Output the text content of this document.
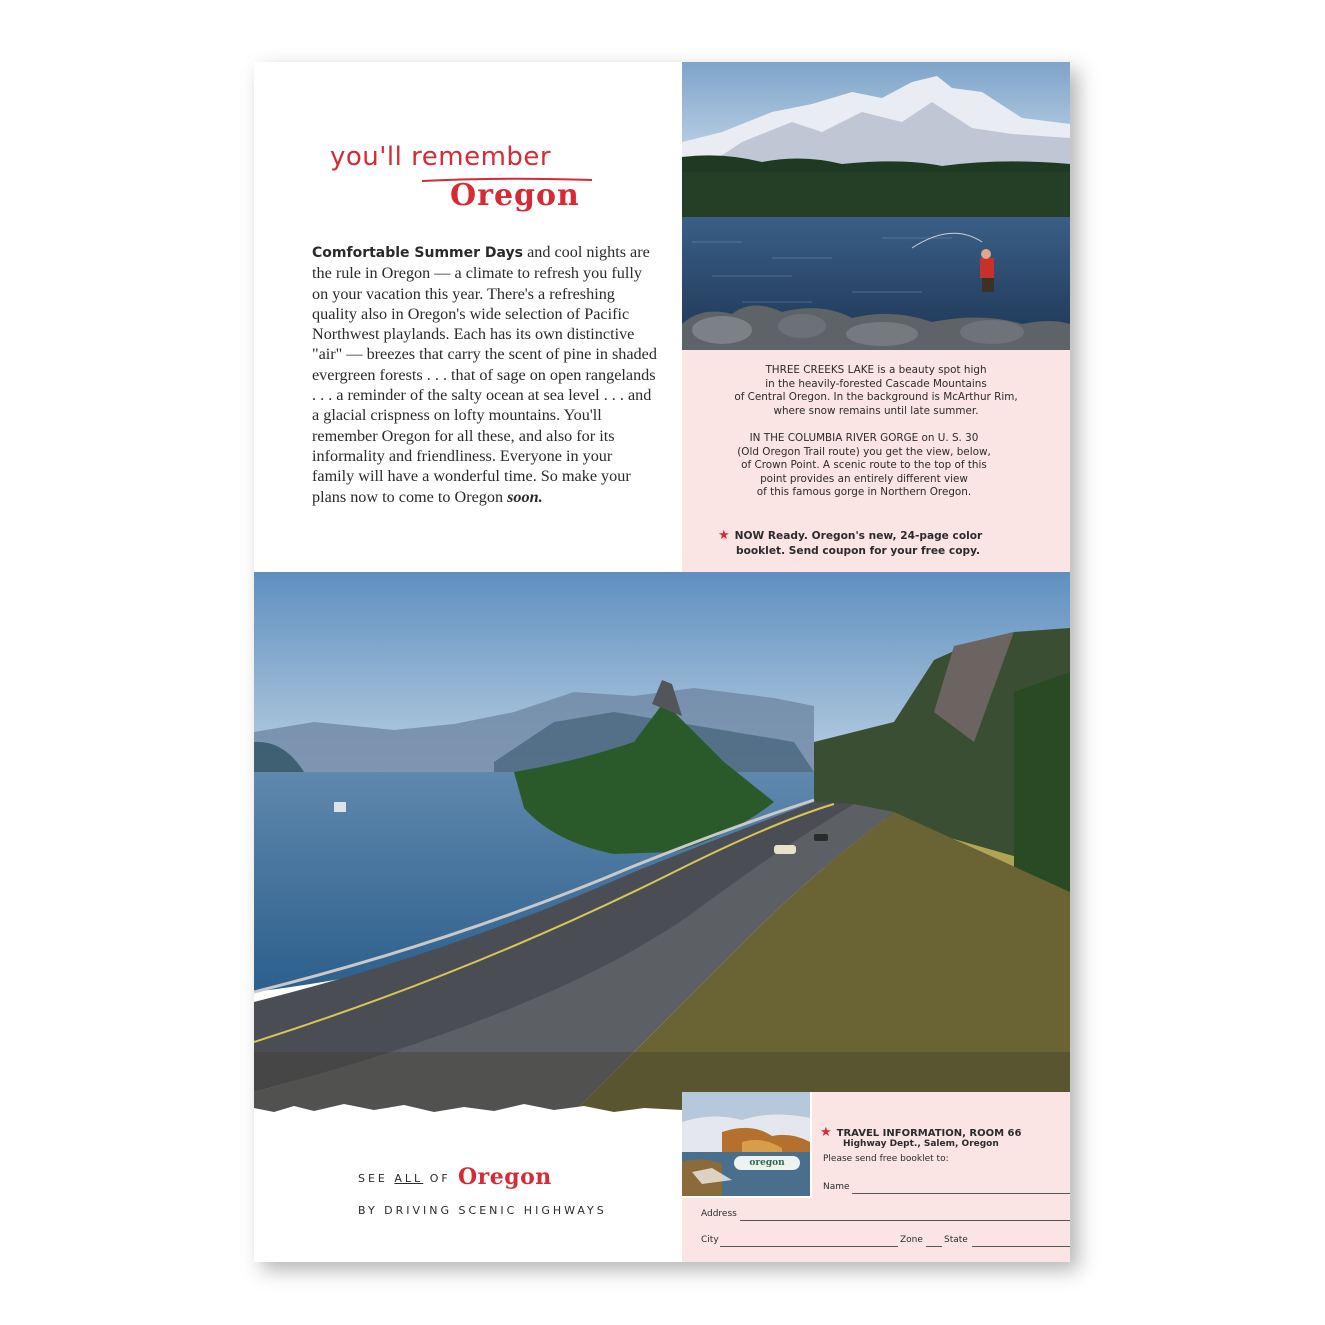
you'll remember
Oregon

Comfortable Summer Days and cool nights are the rule in Oregon — a climate to refresh you fully on your vacation this year. There's a refreshing quality also in Oregon's wide selection of Pacific Northwest playlands. Each has its own distinctive "air" — breezes that carry the scent of pine in shaded evergreen forests . . . that of sage on open rangelands . . . a reminder of the salty ocean at sea level . . . and a glacial crispness on lofty mountains. You'll remember Oregon for all these, and also for its informality and friendliness. Everyone in your family will have a wonderful time. So make your plans now to come to Oregon soon.

THREE CREEKS LAKE is a beauty spot high
in the heavily-forested Cascade Mountains
of Central Oregon. In the background is McArthur Rim,
where snow remains until late summer.

IN THE COLUMBIA RIVER GORGE on U. S. 30
(Old Oregon Trail route) you get the view, below,
of Crown Point. A scenic route to the top of this
point provides an entirely different view
of this famous gorge in Northern Oregon.

★ NOW Ready. Oregon's new, 24-page color
booklet. Send coupon for your free copy.

SEE ALL OF Oregon
BY DRIVING SCENIC HIGHWAYS
oregon
★ TRAVEL INFORMATION, ROOM 66
Highway Dept., Salem, Oregon
Please send free booklet to:
Name
Address
City	Zone State
